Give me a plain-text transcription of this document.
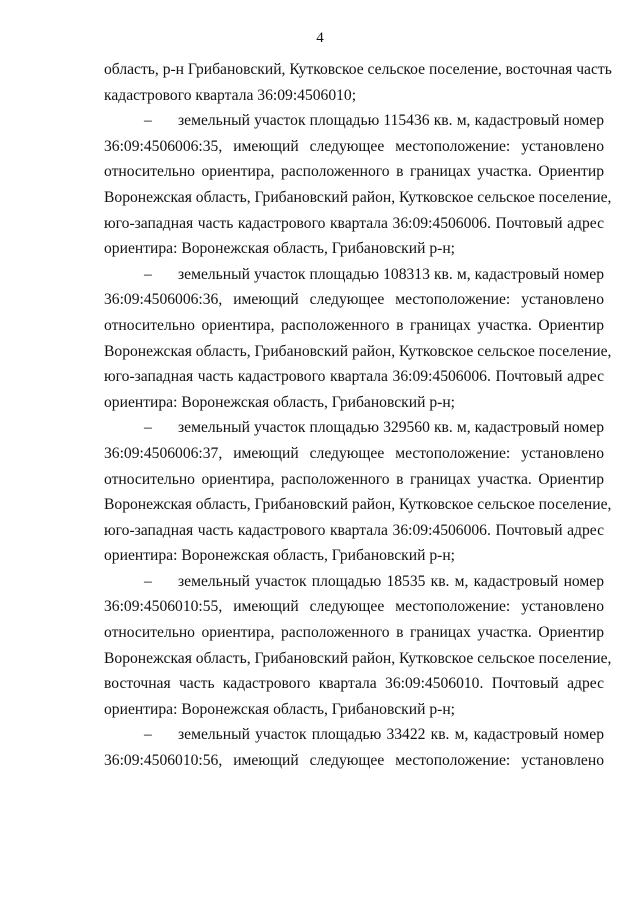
4
область, р-н Грибановский, Кутковское сельское поселение, восточная часть
кадастрового квартала 36:09:4506010;
– земельный участок площадью 115436 кв. м, кадастровый номер
36:09:4506006:35, имеющий следующее местоположение: установлено
относительно ориентира, расположенного в границах участка. Ориентир
Воронежская область, Грибановский район, Кутковское сельское поселение,
юго-западная часть кадастрового квартала 36:09:4506006. Почтовый адрес
ориентира: Воронежская область, Грибановский р-н;
– земельный участок площадью 108313 кв. м, кадастровый номер
36:09:4506006:36, имеющий следующее местоположение: установлено
относительно ориентира, расположенного в границах участка. Ориентир
Воронежская область, Грибановский район, Кутковское сельское поселение,
юго-западная часть кадастрового квартала 36:09:4506006. Почтовый адрес
ориентира: Воронежская область, Грибановский р-н;
– земельный участок площадью 329560 кв. м, кадастровый номер
36:09:4506006:37, имеющий следующее местоположение: установлено
относительно ориентира, расположенного в границах участка. Ориентир
Воронежская область, Грибановский район, Кутковское сельское поселение,
юго-западная часть кадастрового квартала 36:09:4506006. Почтовый адрес
ориентира: Воронежская область, Грибановский р-н;
– земельный участок площадью 18535 кв. м, кадастровый номер
36:09:4506010:55, имеющий следующее местоположение: установлено
относительно ориентира, расположенного в границах участка. Ориентир
Воронежская область, Грибановский район, Кутковское сельское поселение,
восточная часть кадастрового квартала 36:09:4506010. Почтовый адрес
ориентира: Воронежская область, Грибановский р-н;
– земельный участок площадью 33422 кв. м, кадастровый номер
36:09:4506010:56, имеющий следующее местоположение: установлено
